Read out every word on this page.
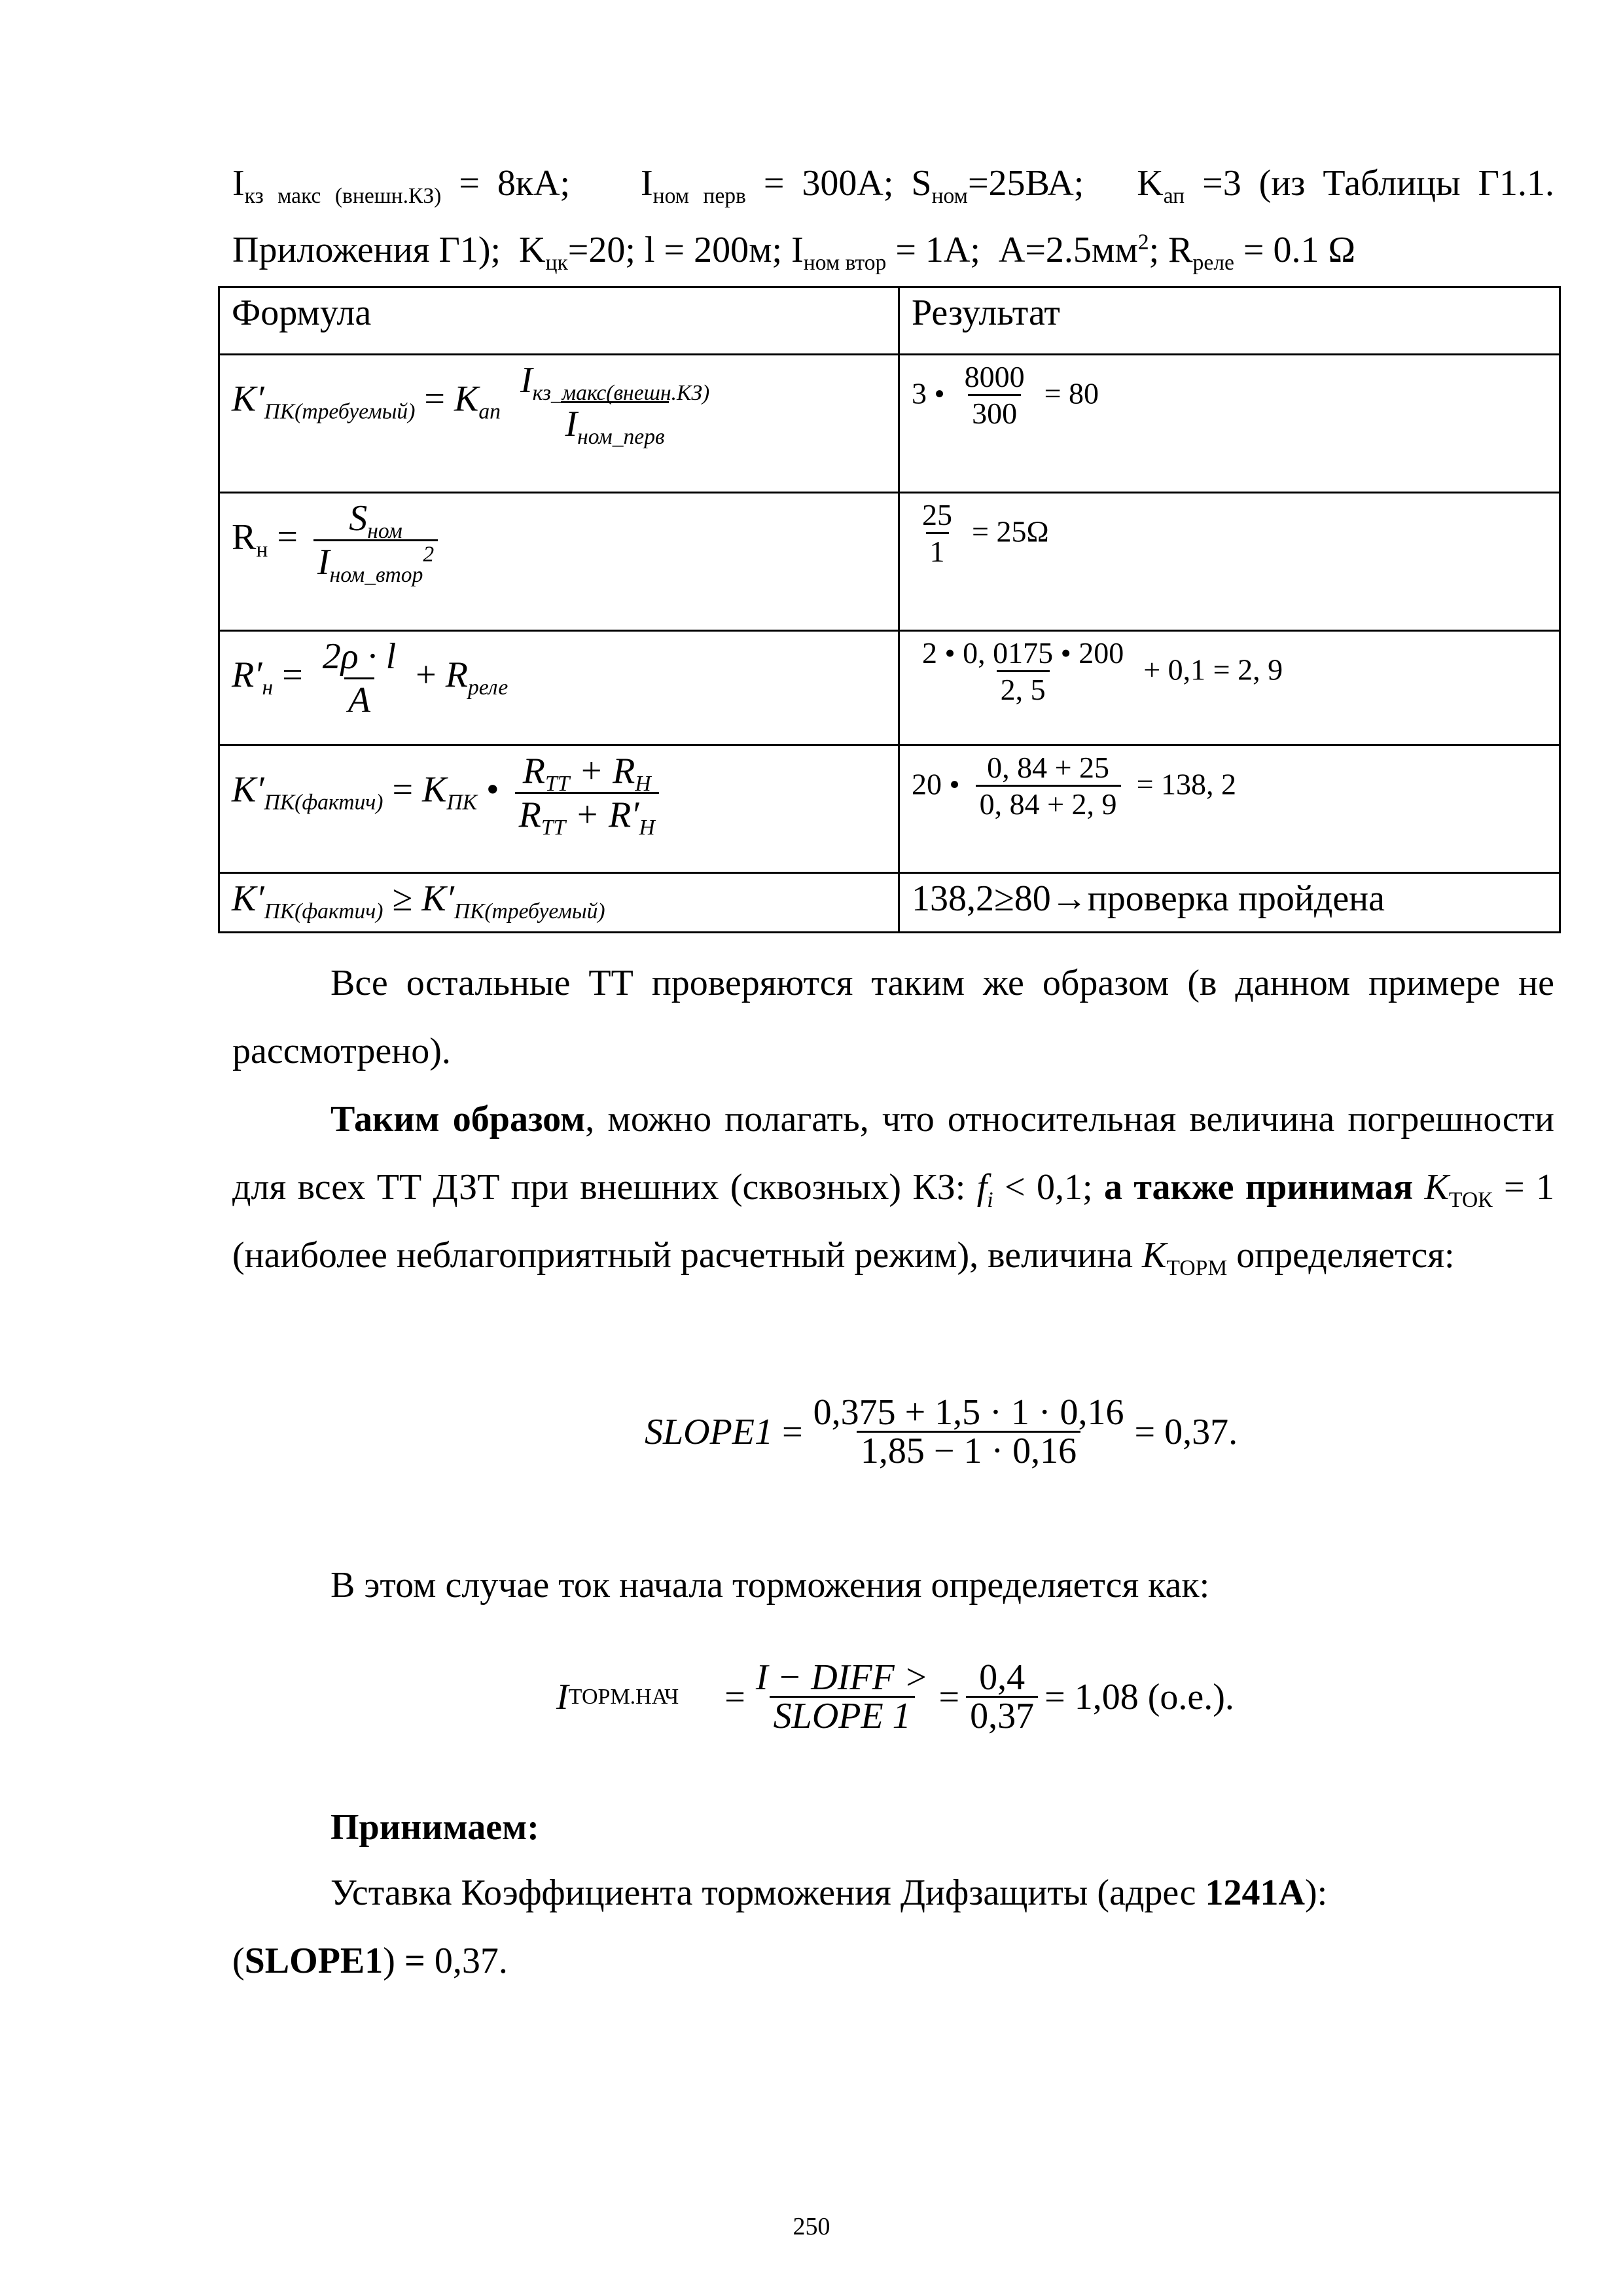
$I_{кз макс (внешн.КЗ)} = 8кА$;    $I_{ном перв} = 300А$; $S_{ном}=25ВА$;   $K_{ап} =3$ (из Таблицы Г1.1.
Приложения Г1);  $K_{цк}=20$; l = 200м; $I_{ном втор} = 1А$;  $А=2.5мм^2$; $R_{реле} = 0.1$ Ω
Формула	Результат
$K'_{ПК(требуемый)} = K_{ап} \frac{I_{кз\_макс(внешн.КЗ)}}{I_{ном\_перв}}$	3 • $\frac{8000}{300} = 80$
$R_н = \frac{S_{ном}}{I_{ном\_втор}^2}$	$\frac{25}{1} = 25\Omega$
$R'_н = \frac{2\rho \cdot l}{A} + R_{реле}$	$\frac{2 • 0, 0175 • 200}{2, 5} + 0,1 = 2$, 9
$K'_{ПК(фактич)} = K_{ПК}$ • $\frac{R_{ТТ} + R_Н}{R_{ТТ} + R'_Н}$	20 • $\frac{0, 84 + 25}{0, 84 + 2, 9} = 138$, 2
$K'_{ПК(фактич)} \ge K'_{ПК(требуемый)}$	138,2≥80→проверка пройдена
Все остальные ТТ проверяются таким же образом (в данном примере не рассмотрено).
Таким образом, можно полагать, что относительная величина погрешности для всех ТТ ДЗТ при внешних (сквозных) КЗ: $f_i < 0,1$; а также принимая $K_{ТОК} = 1$ (наиболее неблагоприятный расчетный режим), величина $K_{ТОРМ}$ определяется:
SLOPE1 = $\frac{0,375 + 1,5 \cdot 1 \cdot 0,16}{1,85 - 1 \cdot 0,16} = 0,37$.
В этом случае ток начала торможения определяется как:
I ТОРМ.НАЧ = $\frac{\text{I − DIFF >}}{\text{SLOPE 1}} = \frac{0,4}{0,37} = 1,08$ (о.е.).
Принимаем:
Уставка Коэффициента торможения Дифзащиты (адрес 1241А):
(SLOPE1) = 0,37.
250
